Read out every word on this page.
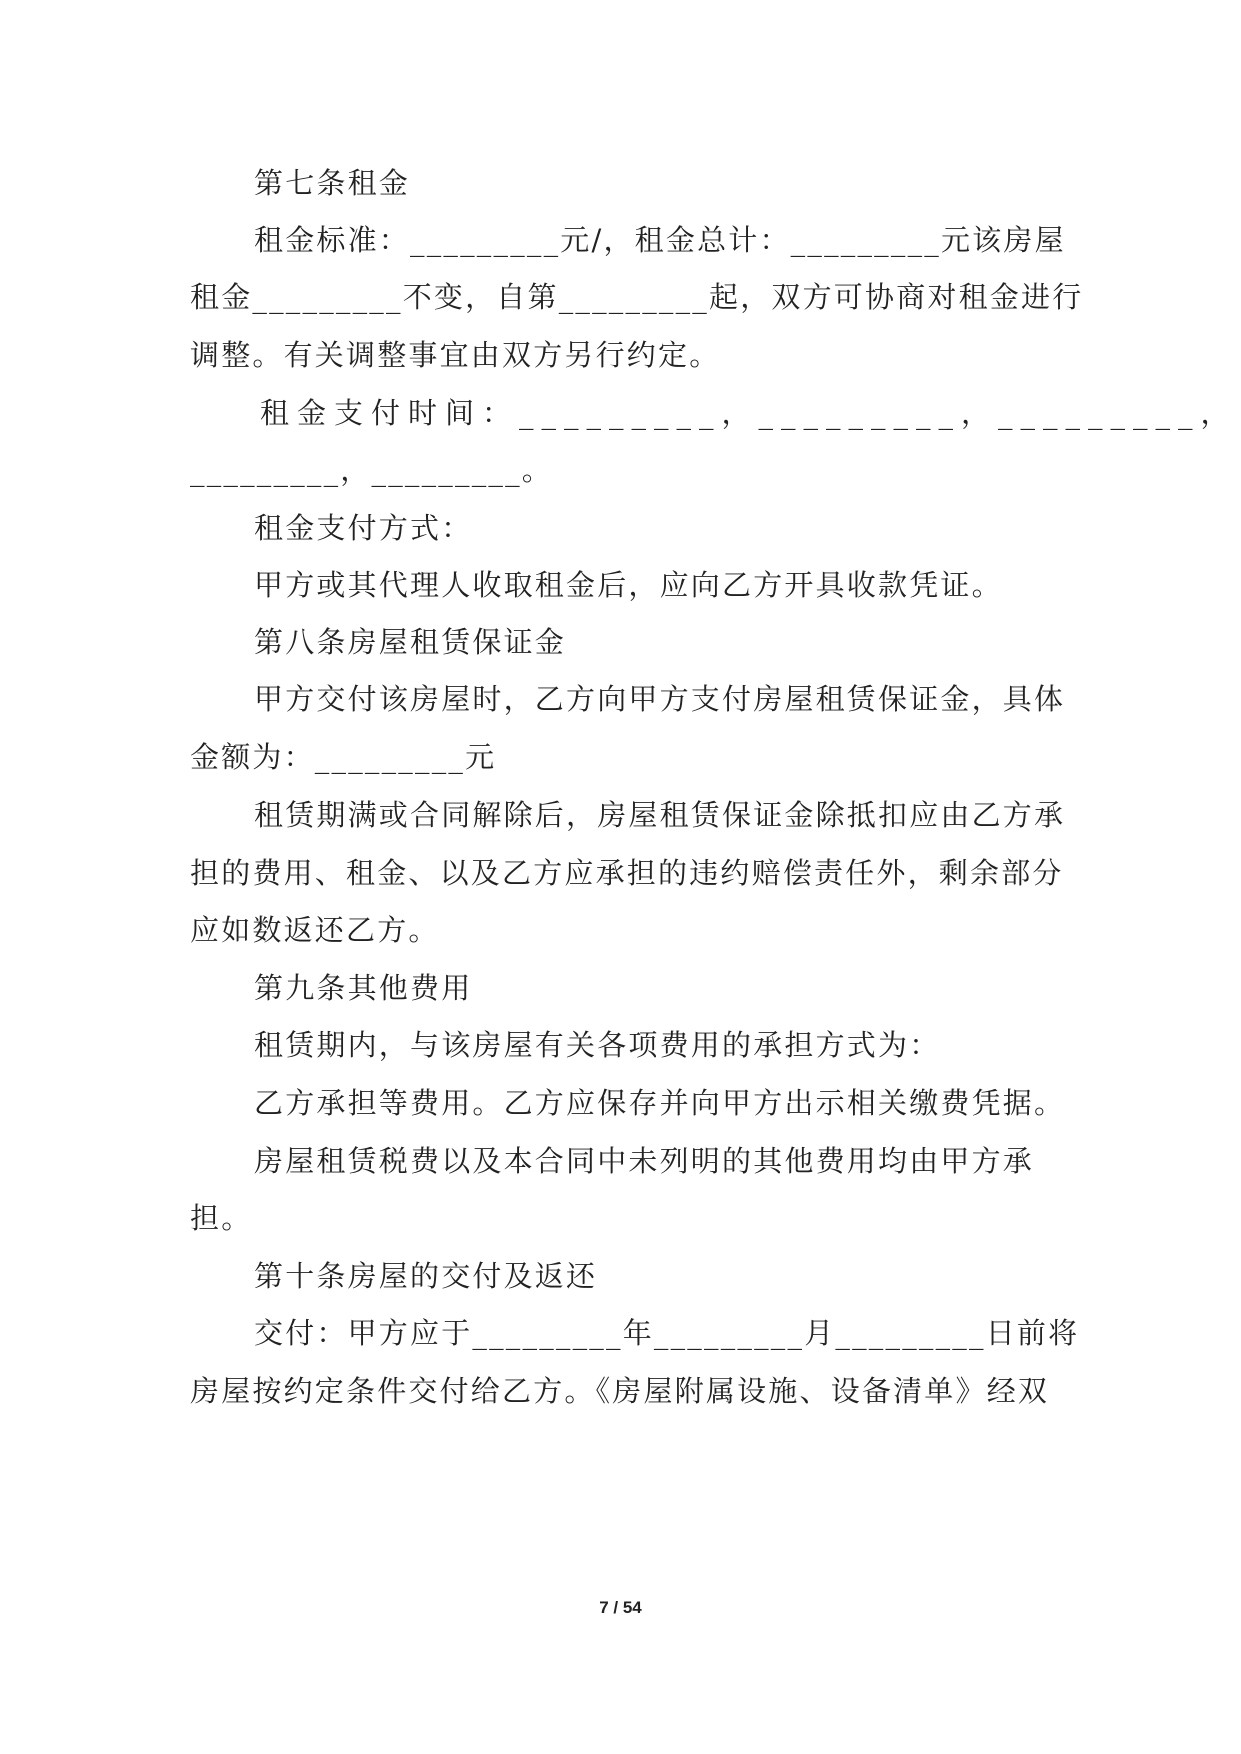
第七条租金
租金标准：_________元/，租金总计：_________元该房屋
租金_________不变，自第_________起，双方可协商对租金进行
调整。有关调整事宜由双方另行约定。
租金支付时间：_________，_________，_________，
_________，_________。
租金支付方式：
甲方或其代理人收取租金后，应向乙方开具收款凭证。
第八条房屋租赁保证金
甲方交付该房屋时，乙方向甲方支付房屋租赁保证金，具体
金额为：_________元
租赁期满或合同解除后，房屋租赁保证金除抵扣应由乙方承
担的费用、租金、以及乙方应承担的违约赔偿责任外，剩余部分
应如数返还乙方。
第九条其他费用
租赁期内，与该房屋有关各项费用的承担方式为：
乙方承担等费用。乙方应保存并向甲方出示相关缴费凭据。
房屋租赁税费以及本合同中未列明的其他费用均由甲方承
担。
第十条房屋的交付及返还
交付：甲方应于_________年_________月_________日前将
房屋按约定条件交付给乙方。《房屋附属设施、设备清单》经双
7 / 54
